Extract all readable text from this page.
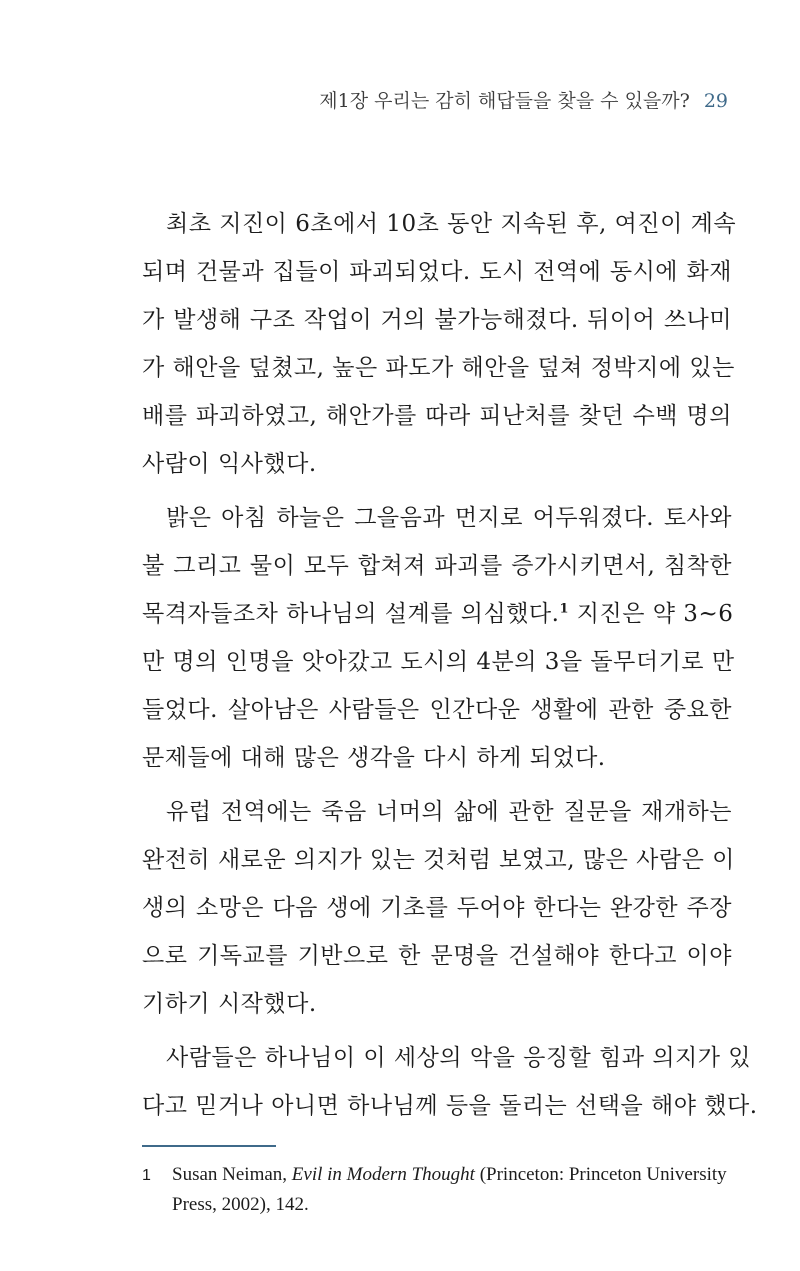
제1장 우리는 감히 해답들을 찾을 수 있을까? 29
최초 지진이 6초에서 10초 동안 지속된 후, 여진이 계속
되며 건물과 집들이 파괴되었다. 도시 전역에 동시에 화재
가 발생해 구조 작업이 거의 불가능해졌다. 뒤이어 쓰나미
가 해안을 덮쳤고, 높은 파도가 해안을 덮쳐 정박지에 있는
배를 파괴하였고, 해안가를 따라 피난처를 찾던 수백 명의
사람이 익사했다.
밝은 아침 하늘은 그을음과 먼지로 어두워졌다. 토사와
불 그리고 물이 모두 합쳐져 파괴를 증가시키면서, 침착한
목격자들조차 하나님의 설계를 의심했다.$^1$ 지진은 약 3~6
만 명의 인명을 앗아갔고 도시의 4분의 3을 돌무더기로 만
들었다. 살아남은 사람들은 인간다운 생활에 관한 중요한
문제들에 대해 많은 생각을 다시 하게 되었다.
유럽 전역에는 죽음 너머의 삶에 관한 질문을 재개하는
완전히 새로운 의지가 있는 것처럼 보였고, 많은 사람은 이
생의 소망은 다음 생에 기초를 두어야 한다는 완강한 주장
으로 기독교를 기반으로 한 문명을 건설해야 한다고 이야
기하기 시작했다.
사람들은 하나님이 이 세상의 악을 응징할 힘과 의지가 있
다고 믿거나 아니면 하나님께 등을 돌리는 선택을 해야 했다.
1 Susan Neiman, Evil in Modern Thought (Princeton: Princeton University
Press, 2002), 142.
